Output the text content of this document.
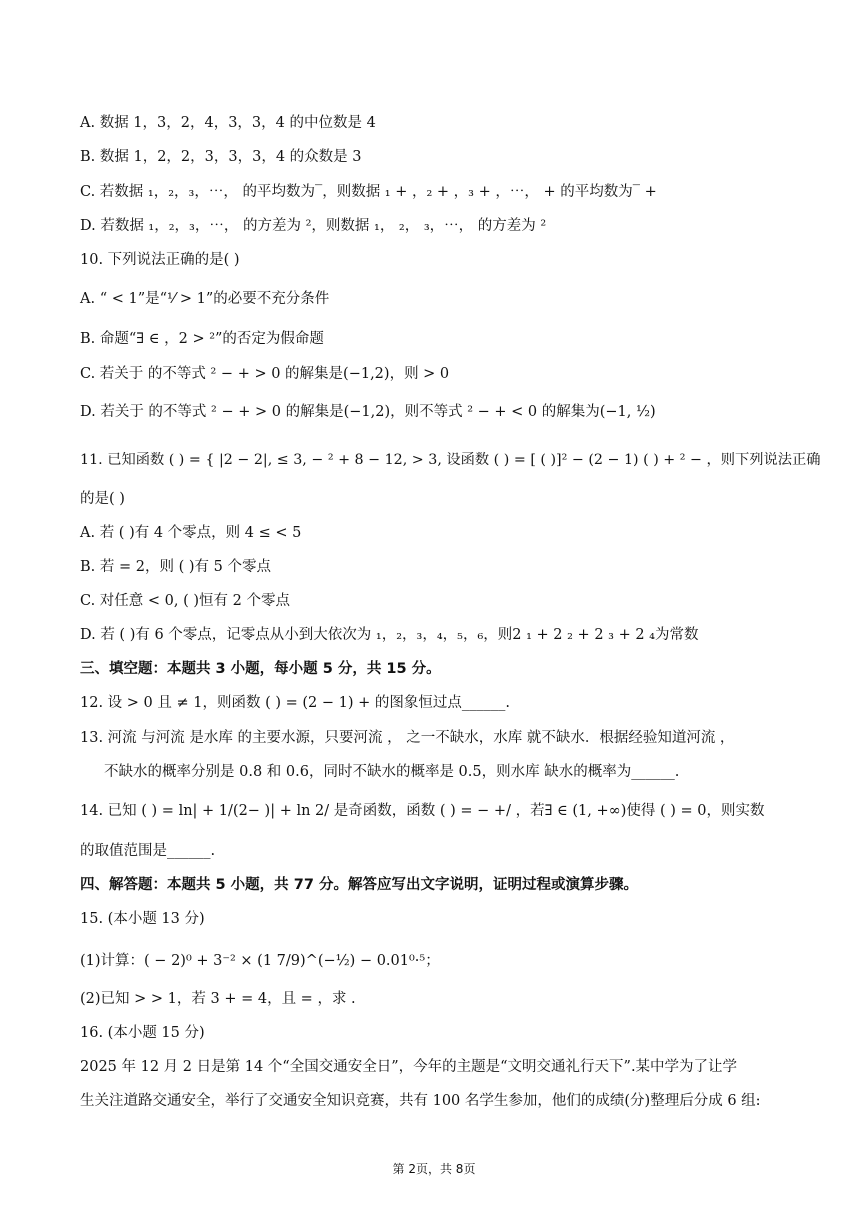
A. 数据 1，3，2，4，3，3，4 的中位数是 4
B. 数据 1，2，2，3，3，3，4 的众数是 3
C. 若数据 ₁，₂，₃，⋯， 的平均数为‾，则数据 ₁ + ，₂ + ，₃ + ，⋯， + 的平均数为‾ +
D. 若数据 ₁，₂，₃，⋯， 的方差为 ²，则数据 ₁， ₂， ₃，⋯， 的方差为 ²
10. 下列说法正确的是( )
A. “ < 1”是“¹⁄ > 1”的必要不充分条件
B. 命题“∃ ∈ ，2 > ²”的否定为假命题
C. 若关于 的不等式 ² − + > 0 的解集是(−1,2)，则 > 0
D. 若关于 的不等式 ² − + > 0 的解集是(−1,2)，则不等式 ² − + < 0 的解集为(−1, ½)
11. 已知函数 ( ) = { |2 − 2|, ≤ 3, − ² + 8 − 12, > 3, 设函数 ( ) = [ ( )]² − (2 − 1) ( ) + ² − ，则下列说法正确
的是( )
A. 若 ( )有 4 个零点，则 4 ≤ < 5
B. 若 = 2，则 ( )有 5 个零点
C. 对任意 < 0, ( )恒有 2 个零点
D. 若 ( )有 6 个零点，记零点从小到大依次为 ₁，₂，₃，₄，₅，₆，则2 ₁ + 2 ₂ + 2 ₃ + 2 ₄为常数
三、填空题：本题共 3 小题，每小题 5 分，共 15 分。
12. 设 > 0 且 ≠ 1，则函数 ( ) = (2 − 1) + 的图象恒过点______.
13. 河流 与河流 是水库 的主要水源，只要河流 ， 之一不缺水，水库 就不缺水．根据经验知道河流 ，
不缺水的概率分别是 0.8 和 0.6，同时不缺水的概率是 0.5，则水库 缺水的概率为______.
14. 已知 ( ) = ln| + 1/(2− )| + ln 2/ 是奇函数，函数 ( ) = − +/ ，若∃ ∈ (1, +∞)使得 ( ) = 0，则实数
的取值范围是______.
四、解答题：本题共 5 小题，共 77 分。解答应写出文字说明，证明过程或演算步骤。
15. (本小题 13 分)
(1)计算：( − 2)⁰ + 3⁻² × (1 7/9)^(−½) − 0.01⁰·⁵；
(2)已知 > > 1，若 3 + = 4，且 = ，求 .
16. (本小题 15 分)
2025 年 12 月 2 日是第 14 个“全国交通安全日”，今年的主题是“文明交通礼行天下”.某中学为了让学
生关注道路交通安全，举行了交通安全知识竞赛，共有 100 名学生参加，他们的成绩(分)整理后分成 6 组:
第 2页，共 8页
